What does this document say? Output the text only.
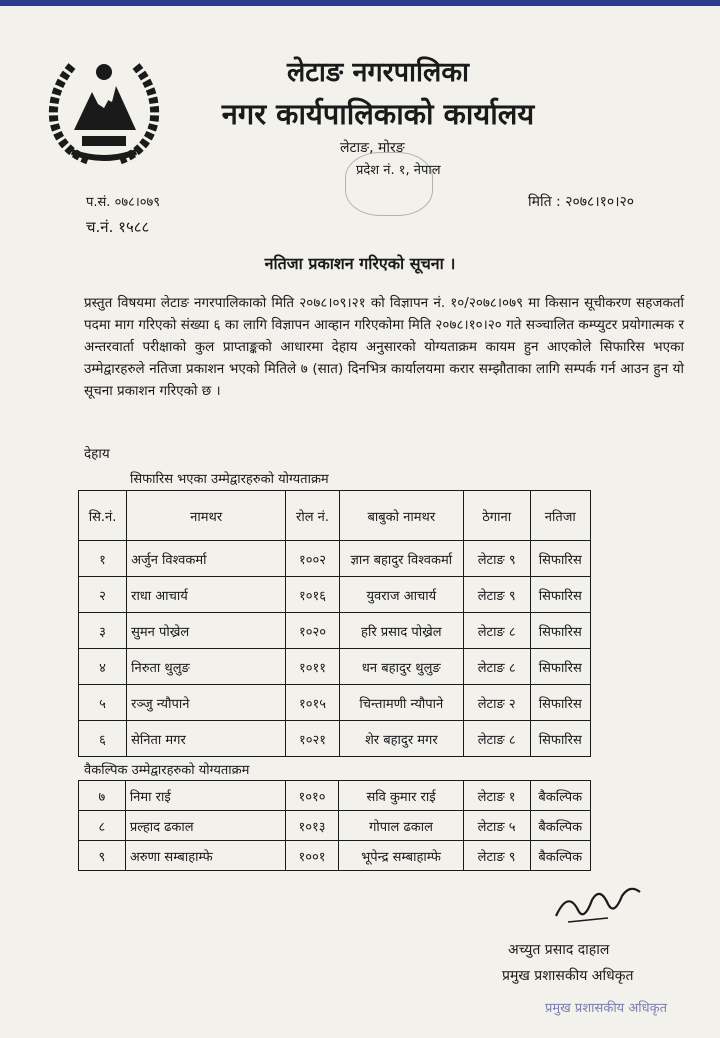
लेटाङ नगरपालिका
नगर कार्यपालिकाको कार्यालय
लेटाङ, मोरङ
प्रदेश नं. १, नेपाल
प.सं. ०७८।०७९
च.नं. १५८८
मिति : २०७८।१०।२०
नतिजा प्रकाशन गरिएको सूचना ।
प्रस्तुत विषयमा लेटाङ नगरपालिकाको मिति २०७८।०९।२१ को विज्ञापन नं. १०/२०७८।०७९ मा किसान सूचीकरण सहजकर्ता पदमा माग गरिएको संख्या ६ का लागि विज्ञापन आव्हान गरिएकोमा मिति २०७८।१०।२० गते सञ्चालित कम्प्युटर प्रयोगात्मक र अन्तरवार्ता परीक्षाको कुल प्राप्ताङ्कको आधारमा देहाय अनुसारको योग्यताक्रम कायम हुन आएकोले सिफारिस भएका उम्मेद्वारहरुले नतिजा प्रकाशन भएको मितिले ७ (सात) दिनभित्र कार्यालयमा करार सम्झौताका लागि सम्पर्क गर्न आउन हुन यो सूचना प्रकाशन गरिएको छ ।
देहाय
सिफारिस भएका उम्मेद्वारहरुको योग्यताक्रम
सि.नं.	नामथर	रोल नं.	बाबुको नामथर	ठेगाना	नतिजा
१	अर्जुन विश्वकर्मा	१००२	ज्ञान बहादुर विश्वकर्मा	लेटाङ ९	सिफारिस
२	राधा आचार्य	१०१६	युवराज आचार्य	लेटाङ ९	सिफारिस
३	सुमन पोख्रेल	१०२०	हरि प्रसाद पोख्रेल	लेटाङ ८	सिफारिस
४	निरुता थुलुङ	१०११	धन बहादुर थुलुङ	लेटाङ ८	सिफारिस
५	रञ्जु न्यौपाने	१०१५	चिन्तामणी न्यौपाने	लेटाङ २	सिफारिस
६	सेनिता मगर	१०२१	शेर बहादुर मगर	लेटाङ ८	सिफारिस
वैकल्पिक उम्मेद्वारहरुको योग्यताक्रम
७	निमा राई	१०१०	सवि कुमार राई	लेटाङ १	बैकल्पिक
८	प्रल्हाद ढकाल	१०१३	गोपाल ढकाल	लेटाङ ५	बैकल्पिक
९	अरुणा सम्बाहाम्फे	१००१	भूपेन्द्र सम्बाहाम्फे	लेटाङ ९	बैकल्पिक
अच्युत प्रसाद दाहाल
प्रमुख प्रशासकीय अधिकृत
प्रमुख प्रशासकीय अधिकृत
